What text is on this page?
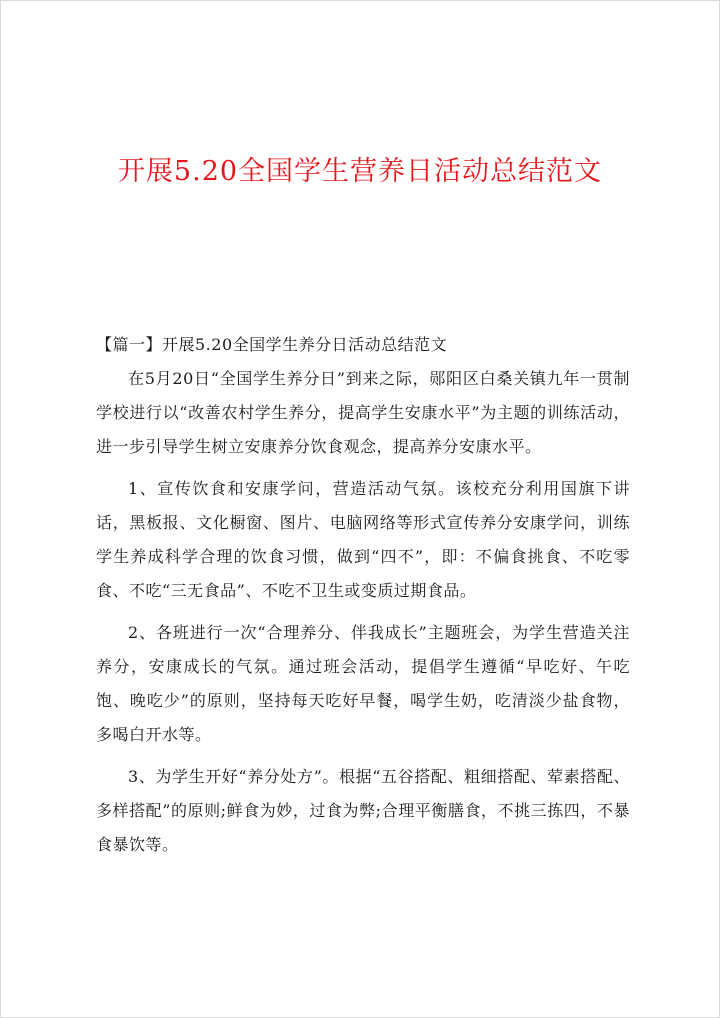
开展5.20全国学生营养日活动总结范文

【篇一】开展5.20全国学生养分日活动总结范文

在5月20日“全国学生养分日”到来之际，郧阳区白桑关镇九年一贯制学校进行以“改善农村学生养分，提高学生安康水平”为主题的训练活动，进一步引导学生树立安康养分饮食观念，提高养分安康水平。

1、宣传饮食和安康学问，营造活动气氛。该校充分利用国旗下讲话，黑板报、文化橱窗、图片、电脑网络等形式宣传养分安康学问，训练学生养成科学合理的饮食习惯，做到“四不”，即：不偏食挑食、不吃零食、不吃“三无食品”、不吃不卫生或变质过期食品。

2、各班进行一次“合理养分、伴我成长”主题班会，为学生营造关注养分，安康成长的气氛。通过班会活动，提倡学生遵循“早吃好、午吃饱、晚吃少”的原则，坚持每天吃好早餐，喝学生奶，吃清淡少盐食物，多喝白开水等。

3、为学生开好“养分处方”。根据“五谷搭配、粗细搭配、荤素搭配、多样搭配”的原则;鲜食为妙，过食为弊;合理平衡膳食，不挑三拣四，不暴食暴饮等。
